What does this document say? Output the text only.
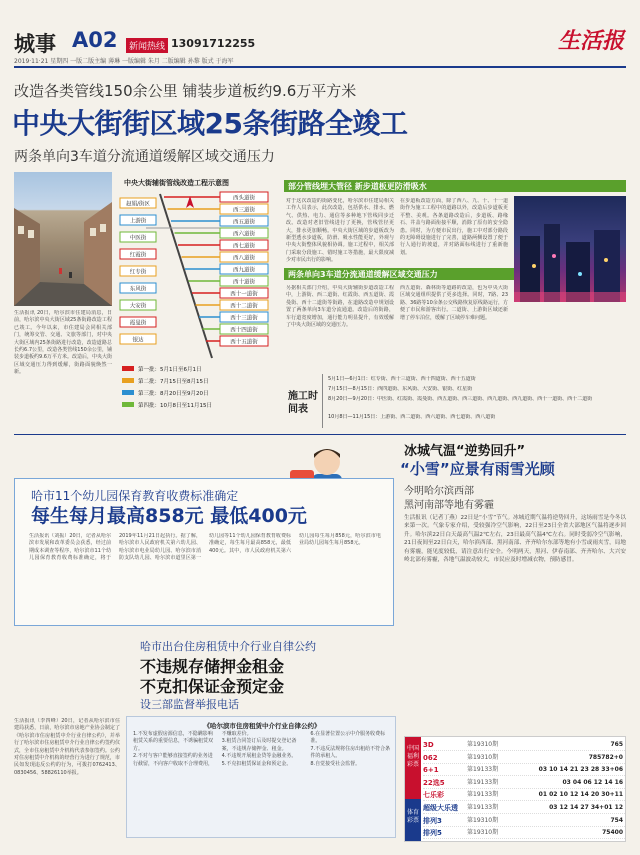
城事 A02	新闻热线 13091712255	生活报
2019·11·21 星期四 一版二版主编 薄琳 一版编辑 朱月 二版编辑 孙黎 版式 于海军
改造各类管线150余公里 铺装步道板约9.6万平方米
中央大街街区域25条街路全竣工
两条单向3车道分流通道缓解区域交通压力
生活报讯 20日，哈尔滨市住建局消息，日前，哈尔滨中央大街区域25条街路改造工程已竣工。今年以来，市住建局会同相关部门，统筹交管、交通、文旅等部门，对中央大街区域内25条街路进行改造，改造道路总长约6.7公里，改造各类管线150余公里，铺装步道板约9.6万平方米。改造后，中央大街区域交通压力得到缓解，街路面貌焕然一新。
中央大街辅街管线改造工程示意图
西头道街
西三道街
西五道街
西六道街
西七道街
西八道街
西九道街
西十道街
西十一道街
西十二道街
西十三道街
西十四道街
西十五道街
赵娟/街区
上游街
中医街
红霞街
红专街
东风街
大安街
霞曼街
银达
第一批：5月1日至6月1日
第二批：7月15日至8月15日
第三批：8月20日至9月20日
第四批：10月8日至11月15日
部分管线埋大管径 新步道板更防滑吸水
对于这次改造的街路变化，哈尔滨市住建局相关工作人员表示，此次改造，包括供水、排水、燃气、供热、电力、通信等多种地下管线同步迁改。改造对老旧管线进行了更换，管线管径更大，排水更加顺畅。中央大街区域的步道板改为新型透水步道板，防滑、吸水性能更好，外观与中央大街整体风貌相协调。施工过程中，相关部门采取分段施工、错时施工等措施，最大限度减少对市民出行的影响。
在步道板改造方面，除了西八、九、十、十一道街作为施工工程中的道路以外，改造后步道板更平整、美观。各条道路改造后，步道板、路缘石、井盖与路面衔接平顺，消除了原有的安全隐患。同时，为方便市民出行，施工中对部分路段的无障碍设施进行了完善，道路两侧设置了便于行人通行的坡道，并对路面标线进行了重新施划。
两条单向3车道分流通道缓解区域交通压力
另据相关部门介绍，中央大街辅街步道改造工程中，上游街、西二道街、红霞街、西五道街、霞曼街、西十二道街等街路，在道路改造中规划设置了两条单向3车道分流通道。改造后的街路，车行道宽度增加，通行能力明显提升，有效缓解了中央大街区域的交通压力。
西五道街、森林街等道路的改造，也为中央大街区域交通组织提供了更多选择。同时，7路、23路、36路等10余条公交线路恢复原线路运行，方便了市民和游客出行。二道街、上游街区域还新增了停车泊位，缓解了区域停车难问题。
施工时间表
5月1日—6月1日：红专街、西十三道街、西十四道街、西十五道街
7月15日—8月15日：西四道街、东风街、大安街、银街、红星街
8月20日—9月20日：中医街、红霞街、霞曼街、西五道街、西三道街、西九道街、西九道街、西十一道街、西十二道街
10月8日—11月15日：上游街、西二道街、西六道街、西七道街、西八道街
哈市11个幼儿园保育教育收费标准确定
每生每月最高858元 最低400元
生活报讯（刘振）20日，记者从哈尔滨市发展和改革委员会获悉，经过前期成本调查等程序，哈尔滨市11个幼儿园保育教育收费标准确定，将于2019年11月21日起执行。据了解，哈尔滨市人民政府机关第六幼儿园、哈尔滨市电业局幼儿园、哈尔滨市消防支队幼儿园、哈尔滨市道里区第一幼儿园等11个幼儿园保育教育收费标准确定，每生每月最高858元，最低400元。其中，市人民政府机关第六幼儿园每生每月858元，哈尔滨市电业局幼儿园每生每月858元。
哈市出台住房租赁中介行业自律公约
不违规存储押金租金
不克扣保证金预定金
设三部监督举报电话
生活报讯（李四峰）20日，记者从哈尔滨市住建局获悉，日前，哈尔滨市房地产业协会制定了《哈尔滨市住房租赁中介行业自律公约》，并举行了哈尔滨市住房租赁中介行业自律公约签约仪式，全市住房租赁中介机构代表参加签约。公约对住房租赁中介机构的经营行为进行了规范，市民如发现违反公约的行为，可拨打0762413、0830456、58826110举报。
《哈尔滨市住房租赁中介行业自律公约》
1.不发布虚假房源信息，不隐瞒影响租赁关系的重要信息，不诱骗租赁双方。
2.不对与客户能够直接签约的业务进行截留，不向客户收取不合理费用，不赚取差价。
3.租赁合同签订后及时提交登记备案，不违规存储押金、租金。
4.不违规开展租金贷等金融业务。
5.不克扣租赁保证金和预定金。
6.在显著位置公示中介服务收费标准。
7.不违反法规将住房出租给不符合条件的承租人。
8.自觉接受社会监督。
冰城气温“逆势回升”
“小雪”应景有雨雪光顾
今明哈尔滨西部
黑河南部等地有雾霾
生活报讯（记者丁燕）22日是“小雪”节气。冰城近期气温将逆势回升，这场雨雪是今冬以来第一次。气象专家介绍，受较强冷空气影响，22日至23日全省大部地区气温将逐步回升。哈尔滨22日白天最高气温2℃左右，23日最高气温4℃左右。同时受弱冷空气影响，21日夜间至22日白天，哈尔滨西部、黑河南部、齐齐哈尔东部等地有小雪或雨夹雪，局地有雾霾，能见度较低，请注意出行安全。今明两天，黑河、伊春南部、齐齐哈尔、大兴安岭北部有雾霾，各地气温波动较大，市民应及时增减衣物，预防感冒。
中国
福利
彩票
体育
彩票
3D	第19310期	765
062	第19310期	785782+0
6+1	第19133期	03 10 14 21 23 28 33+06
22选5	第19133期	03 04 06 12 14 16
七乐彩	第19133期	01 02 10 12 14 20 30+11
超级大乐透 第19133期	03 12 14 27 34+01 12
排列3	第19310期	754
排列5	第19310期	75400
